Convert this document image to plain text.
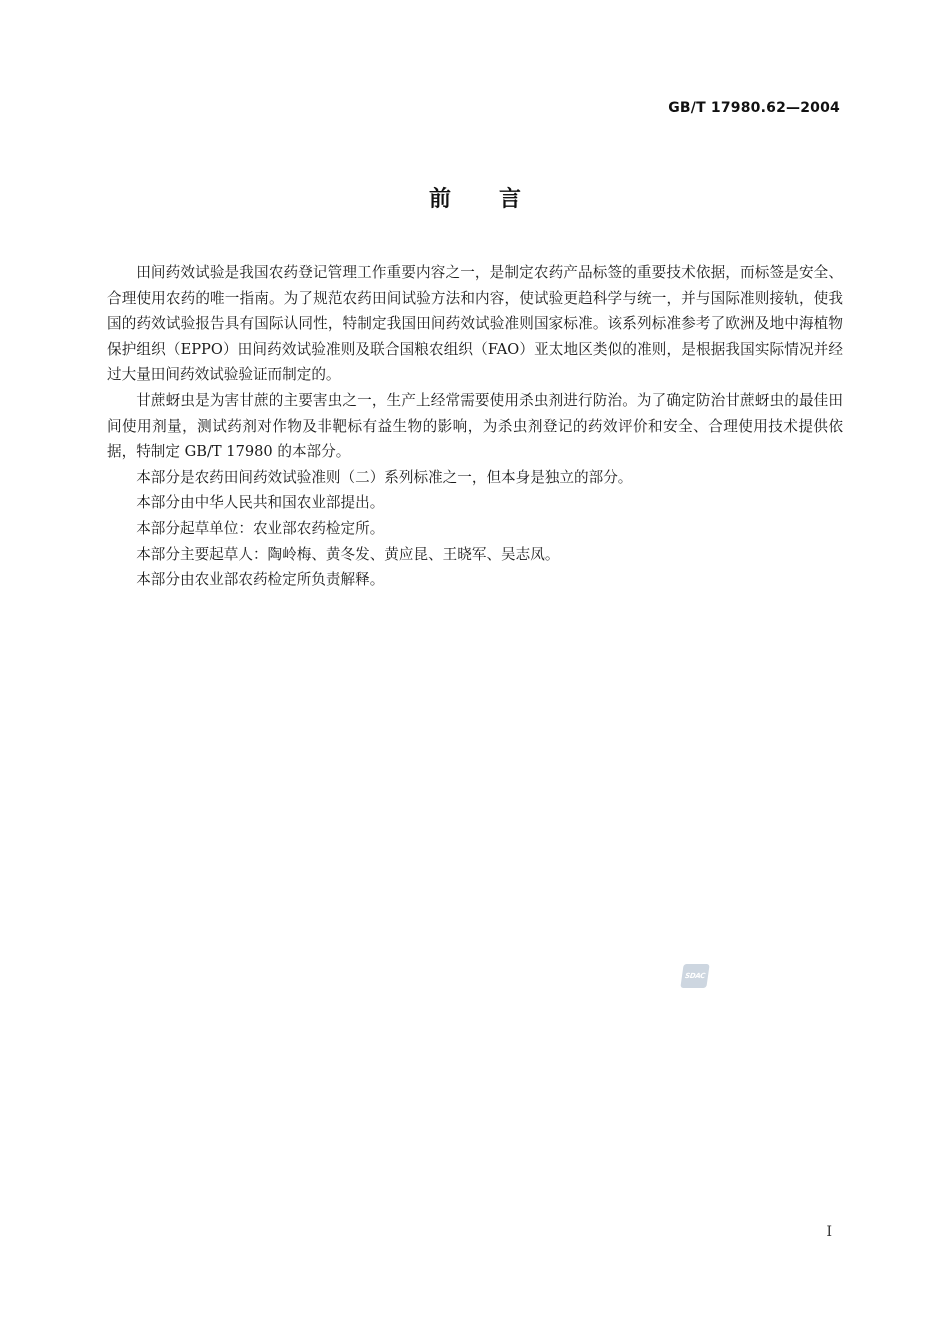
GB/T 17980.62—2004
前言

田间药效试验是我国农药登记管理工作重要内容之一，是制定农药产品标签的重要技术依据，而标签是安全、合理使用农药的唯一指南。为了规范农药田间试验方法和内容，使试验更趋科学与统一，并与国际准则接轨，使我国的药效试验报告具有国际认同性，特制定我国田间药效试验准则国家标准。该系列标准参考了欧洲及地中海植物保护组织（EPPO）田间药效试验准则及联合国粮农组织（FAO）亚太地区类似的准则，是根据我国实际情况并经过大量田间药效试验验证而制定的。

甘蔗蚜虫是为害甘蔗的主要害虫之一，生产上经常需要使用杀虫剂进行防治。为了确定防治甘蔗蚜虫的最佳田间使用剂量，测试药剂对作物及非靶标有益生物的影响，为杀虫剂登记的药效评价和安全、合理使用技术提供依据，特制定 GB/T 17980 的本部分。

本部分是农药田间药效试验准则（二）系列标准之一，但本身是独立的部分。

本部分由中华人民共和国农业部提出。

本部分起草单位：农业部农药检定所。

本部分主要起草人：陶岭梅、黄冬发、黄应昆、王晓军、吴志凤。

本部分由农业部农药检定所负责解释。

SDAC
I
